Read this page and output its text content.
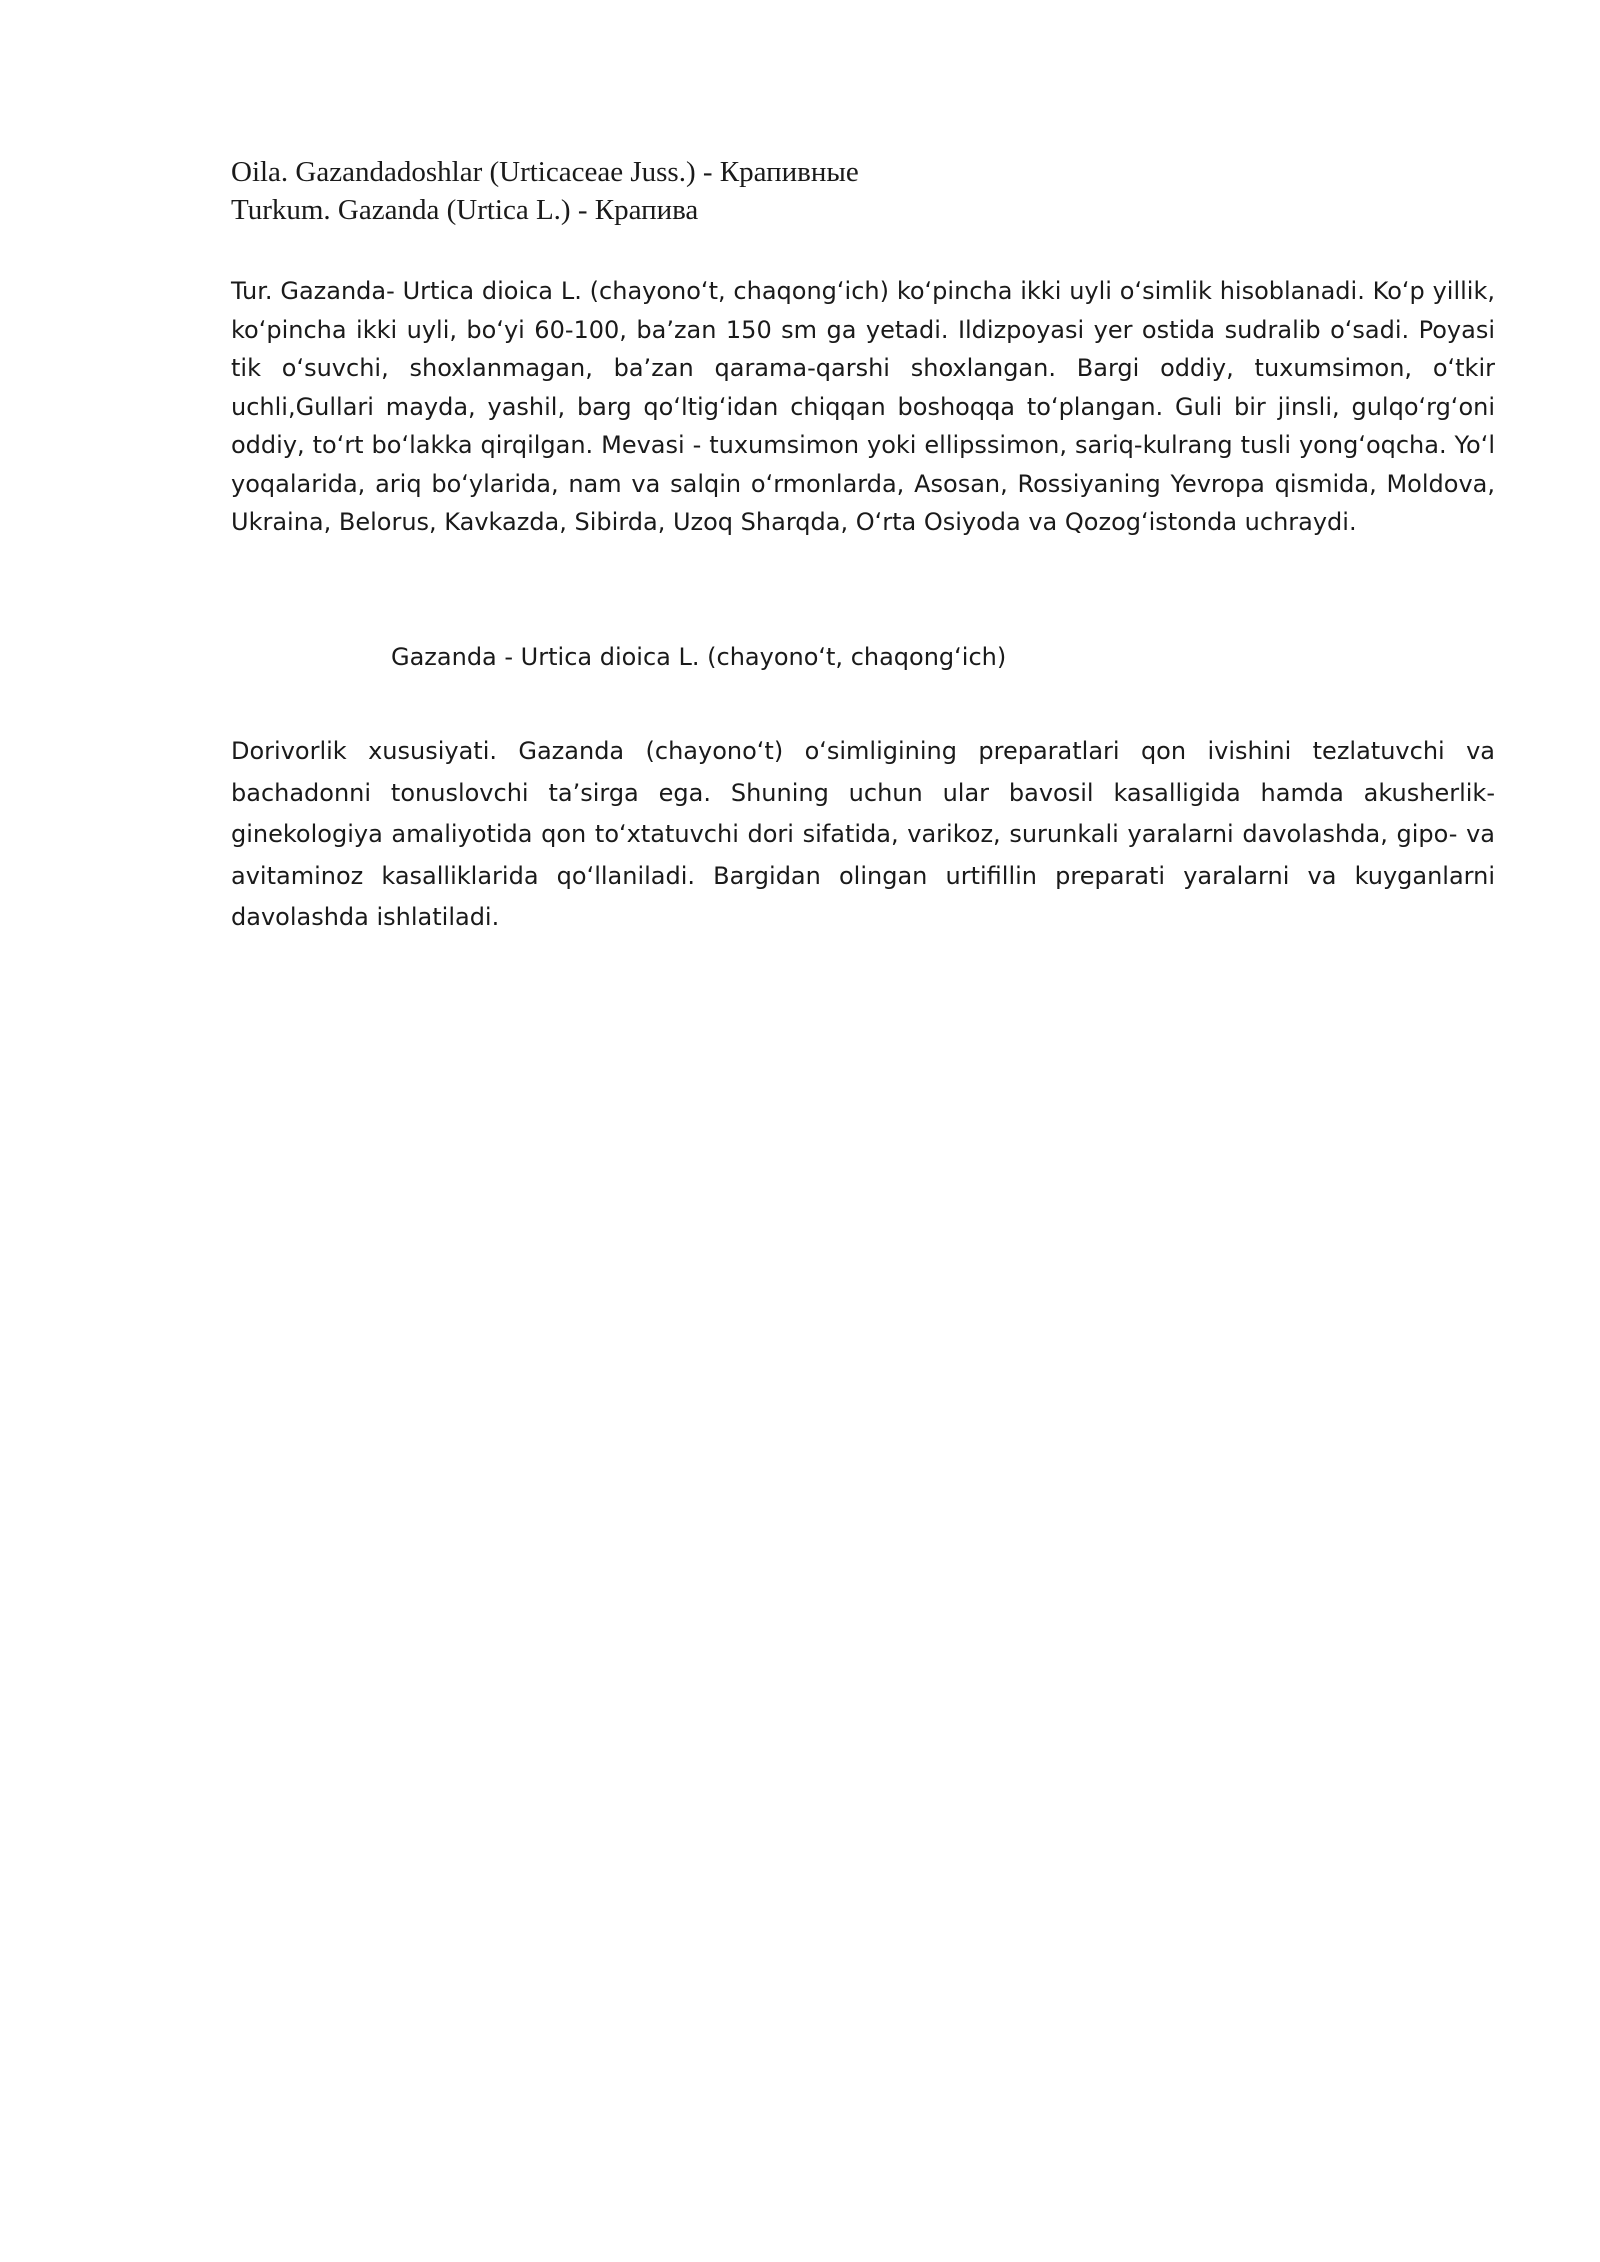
Oila. Gazandadoshlar (Urticaceae Juss.) - Крапивные
Turkum. Gazanda (Urtica L.) - Крапива

Tur. Gazanda- Urtica dioica L. (chayonoʻt, chaqongʻich) koʻpincha ikki uyli oʻsimlik hisoblanadi. Koʻp yillik, koʻpincha ikki uyli, boʻyi 60-100, baʼzan 150 sm ga yetadi. Ildizpoyasi yer ostida sudralib oʻsadi. Poyasi tik oʻsuvchi, shoxlanmagan, baʼzan qarama-qarshi shoxlangan. Bargi oddiy, tuxumsimon, oʻtkir uchli,Gullari mayda, yashil, barg qoʻltigʻidan chiqqan boshoqqa toʻplangan. Guli bir jinsli, gulqoʻrgʻoni oddiy, toʻrt boʻlakka qirqilgan. Mevasi - tuxumsimon yoki ellipssimon, sariq-kulrang tusli yongʻoqcha. Yoʻl yoqalarida, ariq boʻylarida, nam va salqin oʻrmonlarda, Asosan, Rossiyaning Yevropa qismida, Moldova, Ukraina, Belorus, Kavkazda, Sibirda, Uzoq Sharqda, Oʻrta Osiyoda va Qozogʻistonda uchraydi.

Gazanda - Urtica dioica L. (chayonoʻt, chaqongʻich)

Dorivorlik xususiyati. Gazanda (chayonoʻt) oʻsimligining preparatlari qon ivishini tezlatuvchi va bachadonni tonuslovchi taʼsirga ega. Shuning uchun ular bavosil kasalligida hamda akusherlik-ginekologiya amaliyotida qon toʻxtatuvchi dori sifatida, varikoz, surunkali yaralarni davolashda, gipo- va avitaminoz kasalliklarida qoʻllaniladi. Bargidan olingan urtifillin preparati yaralarni va kuyganlarni davolashda ishlatiladi.
